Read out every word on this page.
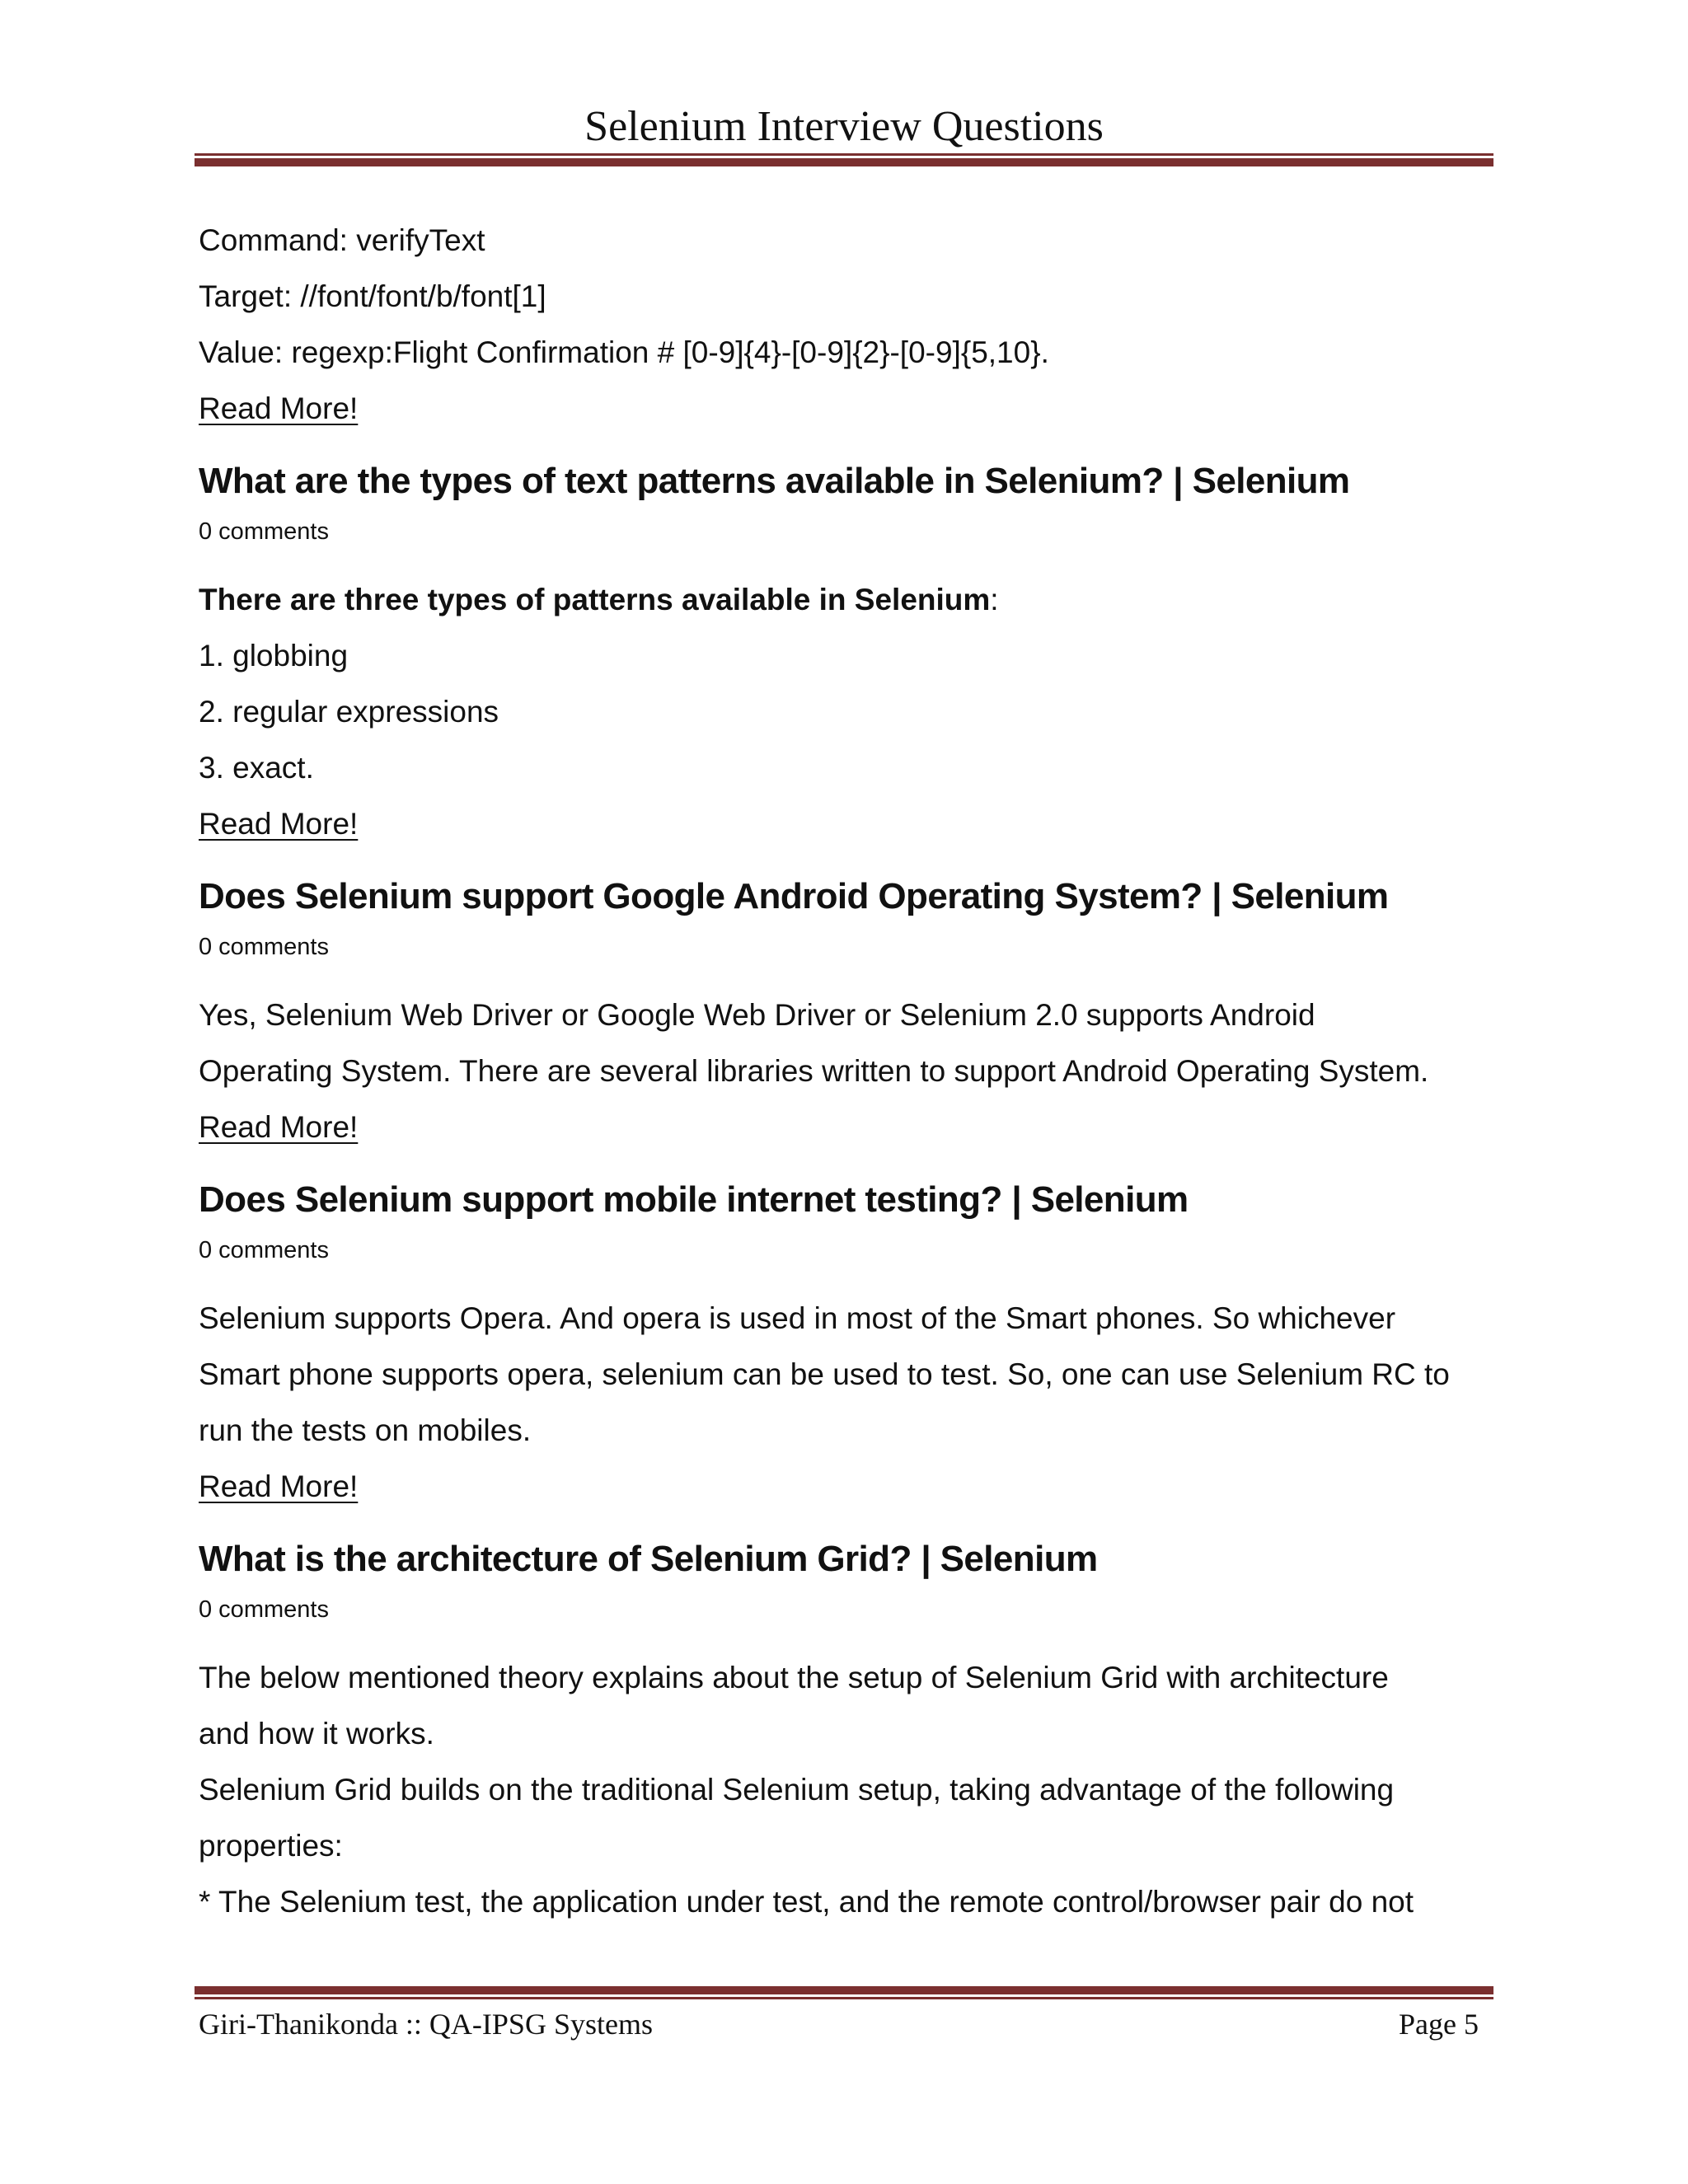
Selenium Interview Questions

Command: verifyText

Target: //font/font/b/font[1]

Value: regexp:Flight Confirmation # [0-9]{4}-[0-9]{2}-[0-9]{5,10}.

Read More!
What are the types of text patterns available in Selenium? | Selenium
0 comments

There are three types of patterns available in Selenium:

1. globbing

2. regular expressions

3. exact.

Read More!
Does Selenium support Google Android Operating System? | Selenium
0 comments

Yes, Selenium Web Driver or Google Web Driver or Selenium 2.0 supports Android

Operating System. There are several libraries written to support Android Operating System.

Read More!
Does Selenium support mobile internet testing? | Selenium
0 comments

Selenium supports Opera. And opera is used in most of the Smart phones. So whichever

Smart phone supports opera, selenium can be used to test. So, one can use Selenium RC to

run the tests on mobiles.

Read More!
What is the architecture of Selenium Grid? | Selenium
0 comments

The below mentioned theory explains about the setup of Selenium Grid with architecture

and how it works.

Selenium Grid builds on the traditional Selenium setup, taking advantage of the following

properties:

* The Selenium test, the application under test, and the remote control/browser pair do not

Giri-Thanikonda :: QA-IPSG Systems	Page 5
